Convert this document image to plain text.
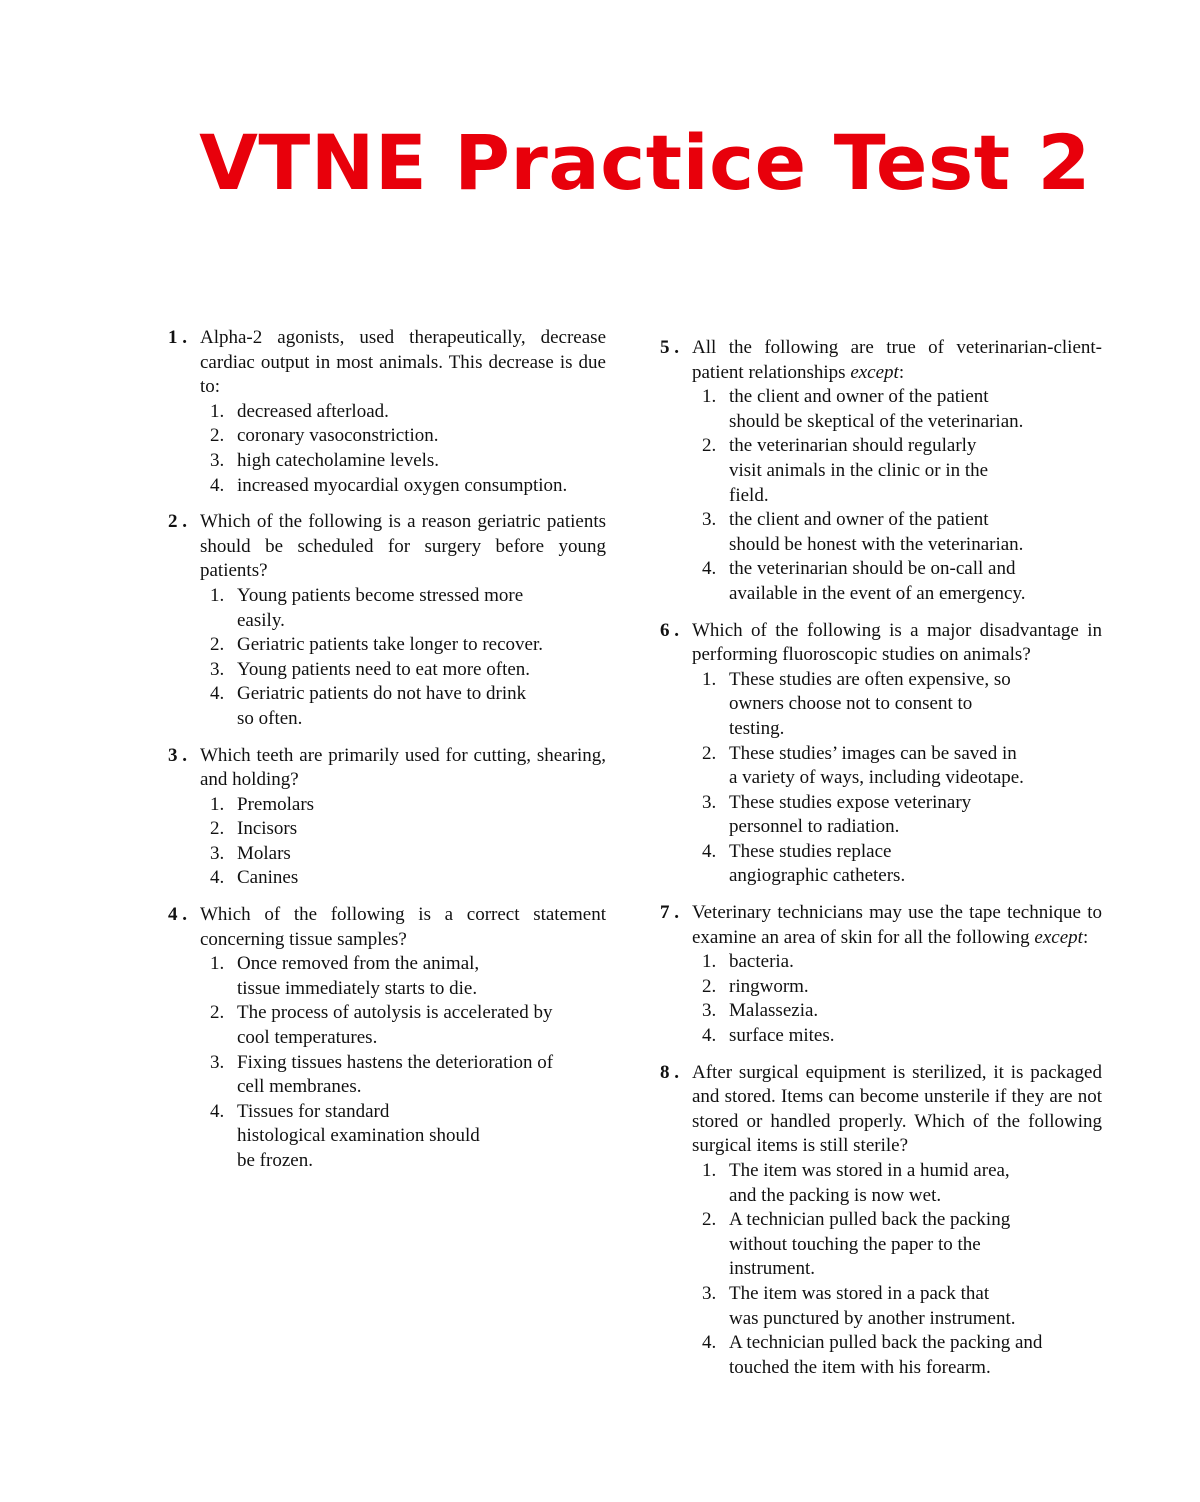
VTNE Practice Test 2

1 . Alpha-2 agonists, used therapeutically, decrease cardiac output in most animals. This decrease is due to:

1. decreased afterload.
2. coronary vasoconstriction.
3. high catecholamine levels.
4. increased myocardial oxygen consumption.

2 . Which of the following is a reason geriatric patients should be scheduled for surgery before young patients?

1. Young patients become stressed more
easily.
2. Geriatric patients take longer to recover.
3. Young patients need to eat more often.
4. Geriatric patients do not have to drink
so often.

3 . Which teeth are primarily used for cutting, shearing, and holding?

1. Premolars
2. Incisors
3. Molars
4. Canines

4 . Which of the following is a correct statement concerning tissue samples?

1. Once removed from the animal,
tissue immediately starts to die.
2. The process of autolysis is accelerated by
cool temperatures.
3. Fixing tissues hastens the deterioration of
cell membranes.
4. Tissues for standard
histological examination should
be frozen.

5 . All the following are true of veterinarian-client-patient relationships except:

1. the client and owner of the patient
should be skeptical of the veterinarian.
2. the veterinarian should regularly
visit animals in the clinic or in the
field.
3. the client and owner of the patient
should be honest with the veterinarian.
4. the veterinarian should be on-call and
available in the event of an emergency.

6 . Which of the following is a major disadvantage in performing fluoroscopic studies on animals?

1. These studies are often expensive, so
owners choose not to consent to
testing.
2. These studies’ images can be saved in
a variety of ways, including videotape.
3. These studies expose veterinary
personnel to radiation.
4. These studies replace
angiographic catheters.

7 . Veterinary technicians may use the tape technique to examine an area of skin for all the following except:

1. bacteria.
2. ringworm.
3. Malassezia.
4. surface mites.

8 . After surgical equipment is sterilized, it is packaged and stored. Items can become unsterile if they are not stored or handled properly. Which of the following surgical items is still sterile?

1. The item was stored in a humid area,
and the packing is now wet.
2. A technician pulled back the packing
without touching the paper to the
instrument.
3. The item was stored in a pack that
was punctured by another instrument.
4. A technician pulled back the packing and
touched the item with his forearm.
